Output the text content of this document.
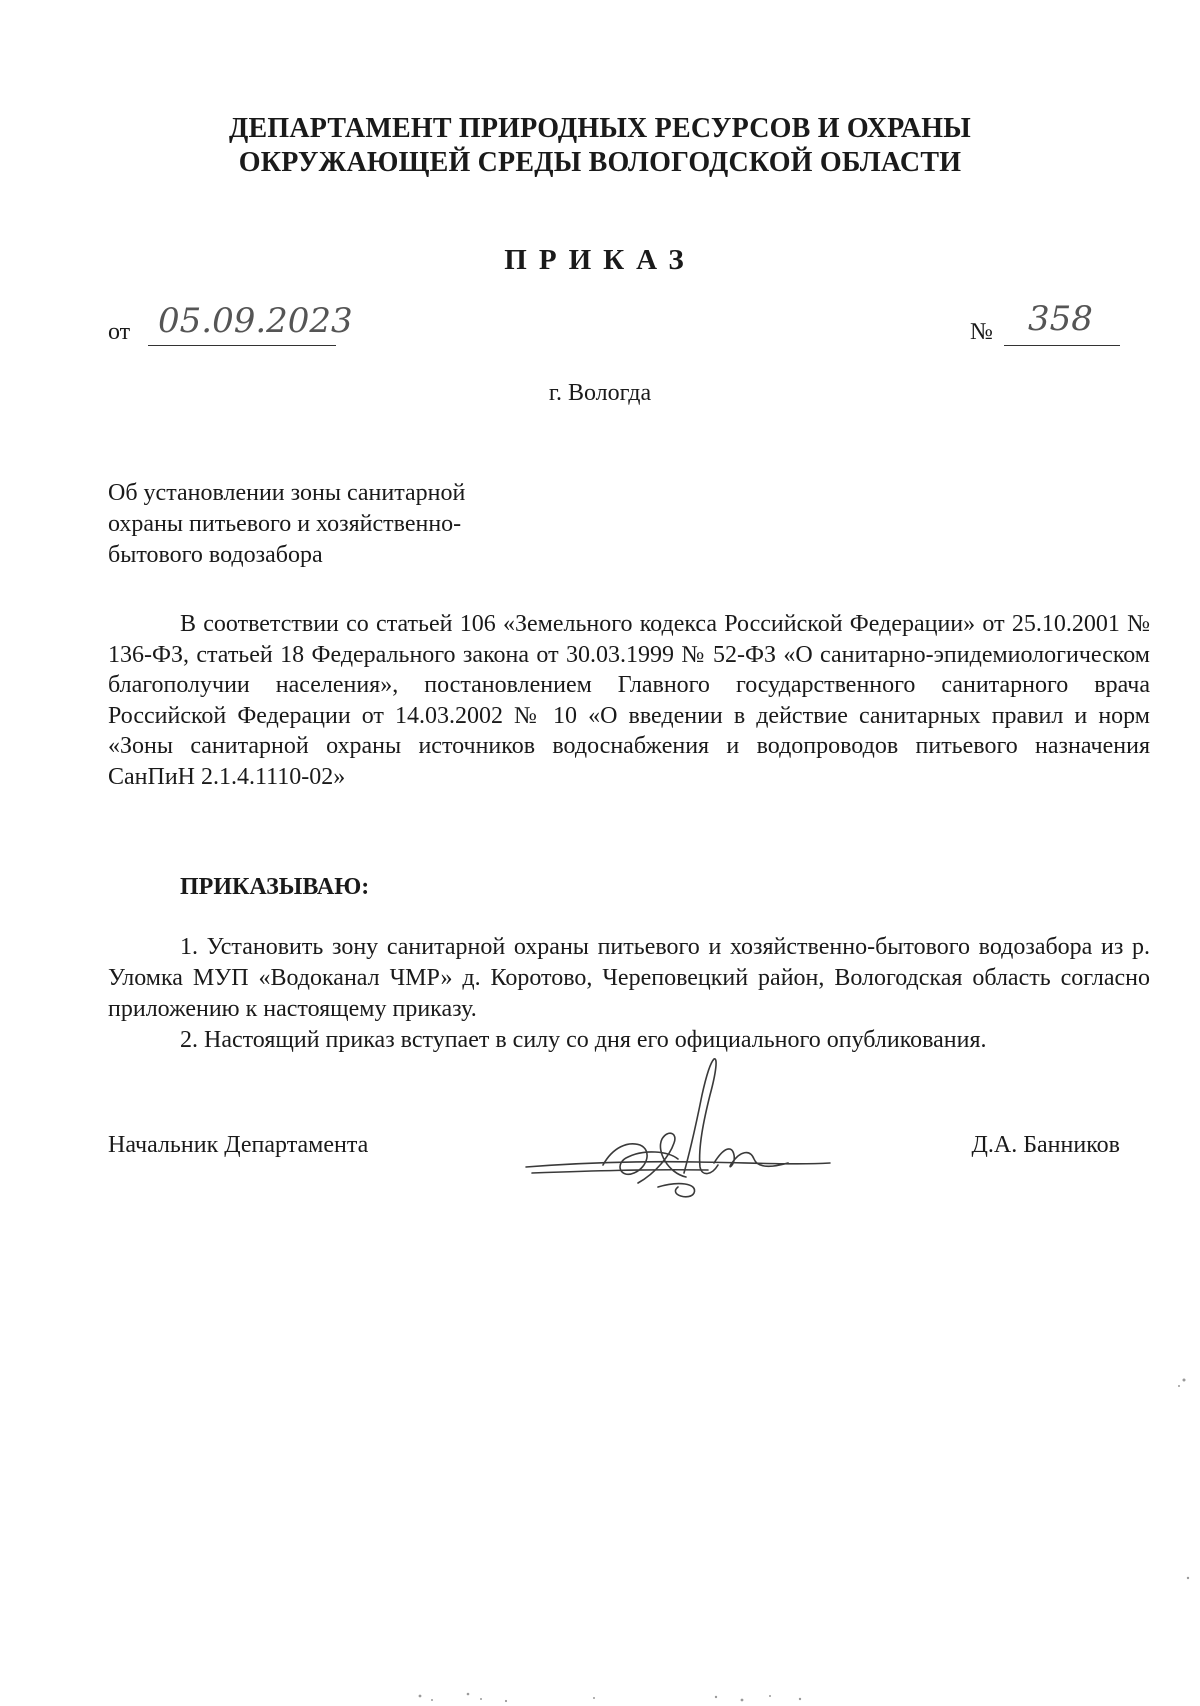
ДЕПАРТАМЕНТ ПРИРОДНЫХ РЕСУРСОВ И ОХРАНЫ
ОКРУЖАЮЩЕЙ СРЕДЫ ВОЛОГОДСКОЙ ОБЛАСТИ
ПРИКАЗ
от 05.09.2023	№ 358
г. Вологда
Об установлении зоны санитарной
охраны питьевого и хозяйственно-
бытового водозабора
В соответствии со статьей 106 «Земельного кодекса Российской Федерации» от 25.10.2001 № 136-ФЗ, статьей 18 Федерального закона от 30.03.1999 № 52-ФЗ «О санитарно-эпидемиологическом благополучии населения», постановлением Главного государственного санитарного врача Российской Федерации от 14.03.2002 № 10 «О введении в действие санитарных правил и норм «Зоны санитарной охраны источников водоснабжения и водопроводов питьевого назначения СанПиН 2.1.4.1110-02»
ПРИКАЗЫВАЮ:
1. Установить зону санитарной охраны питьевого и хозяйственно-бытового водозабора из р. Уломка МУП «Водоканал ЧМР» д. Коротово, Череповецкий район, Вологодская область согласно приложению к настоящему приказу.
2. Настоящий приказ вступает в силу со дня его официального опубликования.
Начальник Департамента	Д.А. Банников
